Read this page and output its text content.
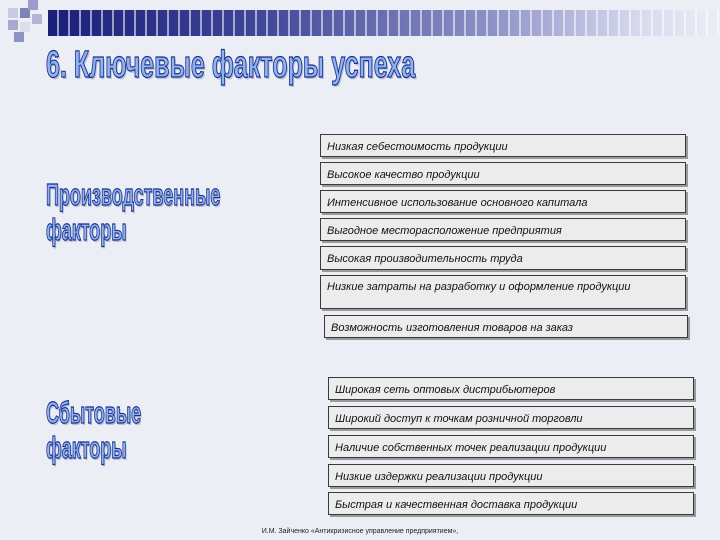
6. Ключевые факторы успеха
Производственные
факторы
Сбытовые
факторы
Низкая себестоимость продукции
Высокое качество продукции
Интенсивное использование основного капитала
Выгодное месторасположение предприятия
Высокая производительность труда
Низкие затраты на разработку и оформление продукции
Возможность изготовления товаров на заказ
Широкая сеть оптовых дистрибьютеров
Широкий доступ к точкам розничной торговли
Наличие собственных точек реализации продукции
Низкие издержки реализации продукции
Быстрая и качественная доставка продукции
И.М. Зайченко «Антикризисное управление предприятием»,
